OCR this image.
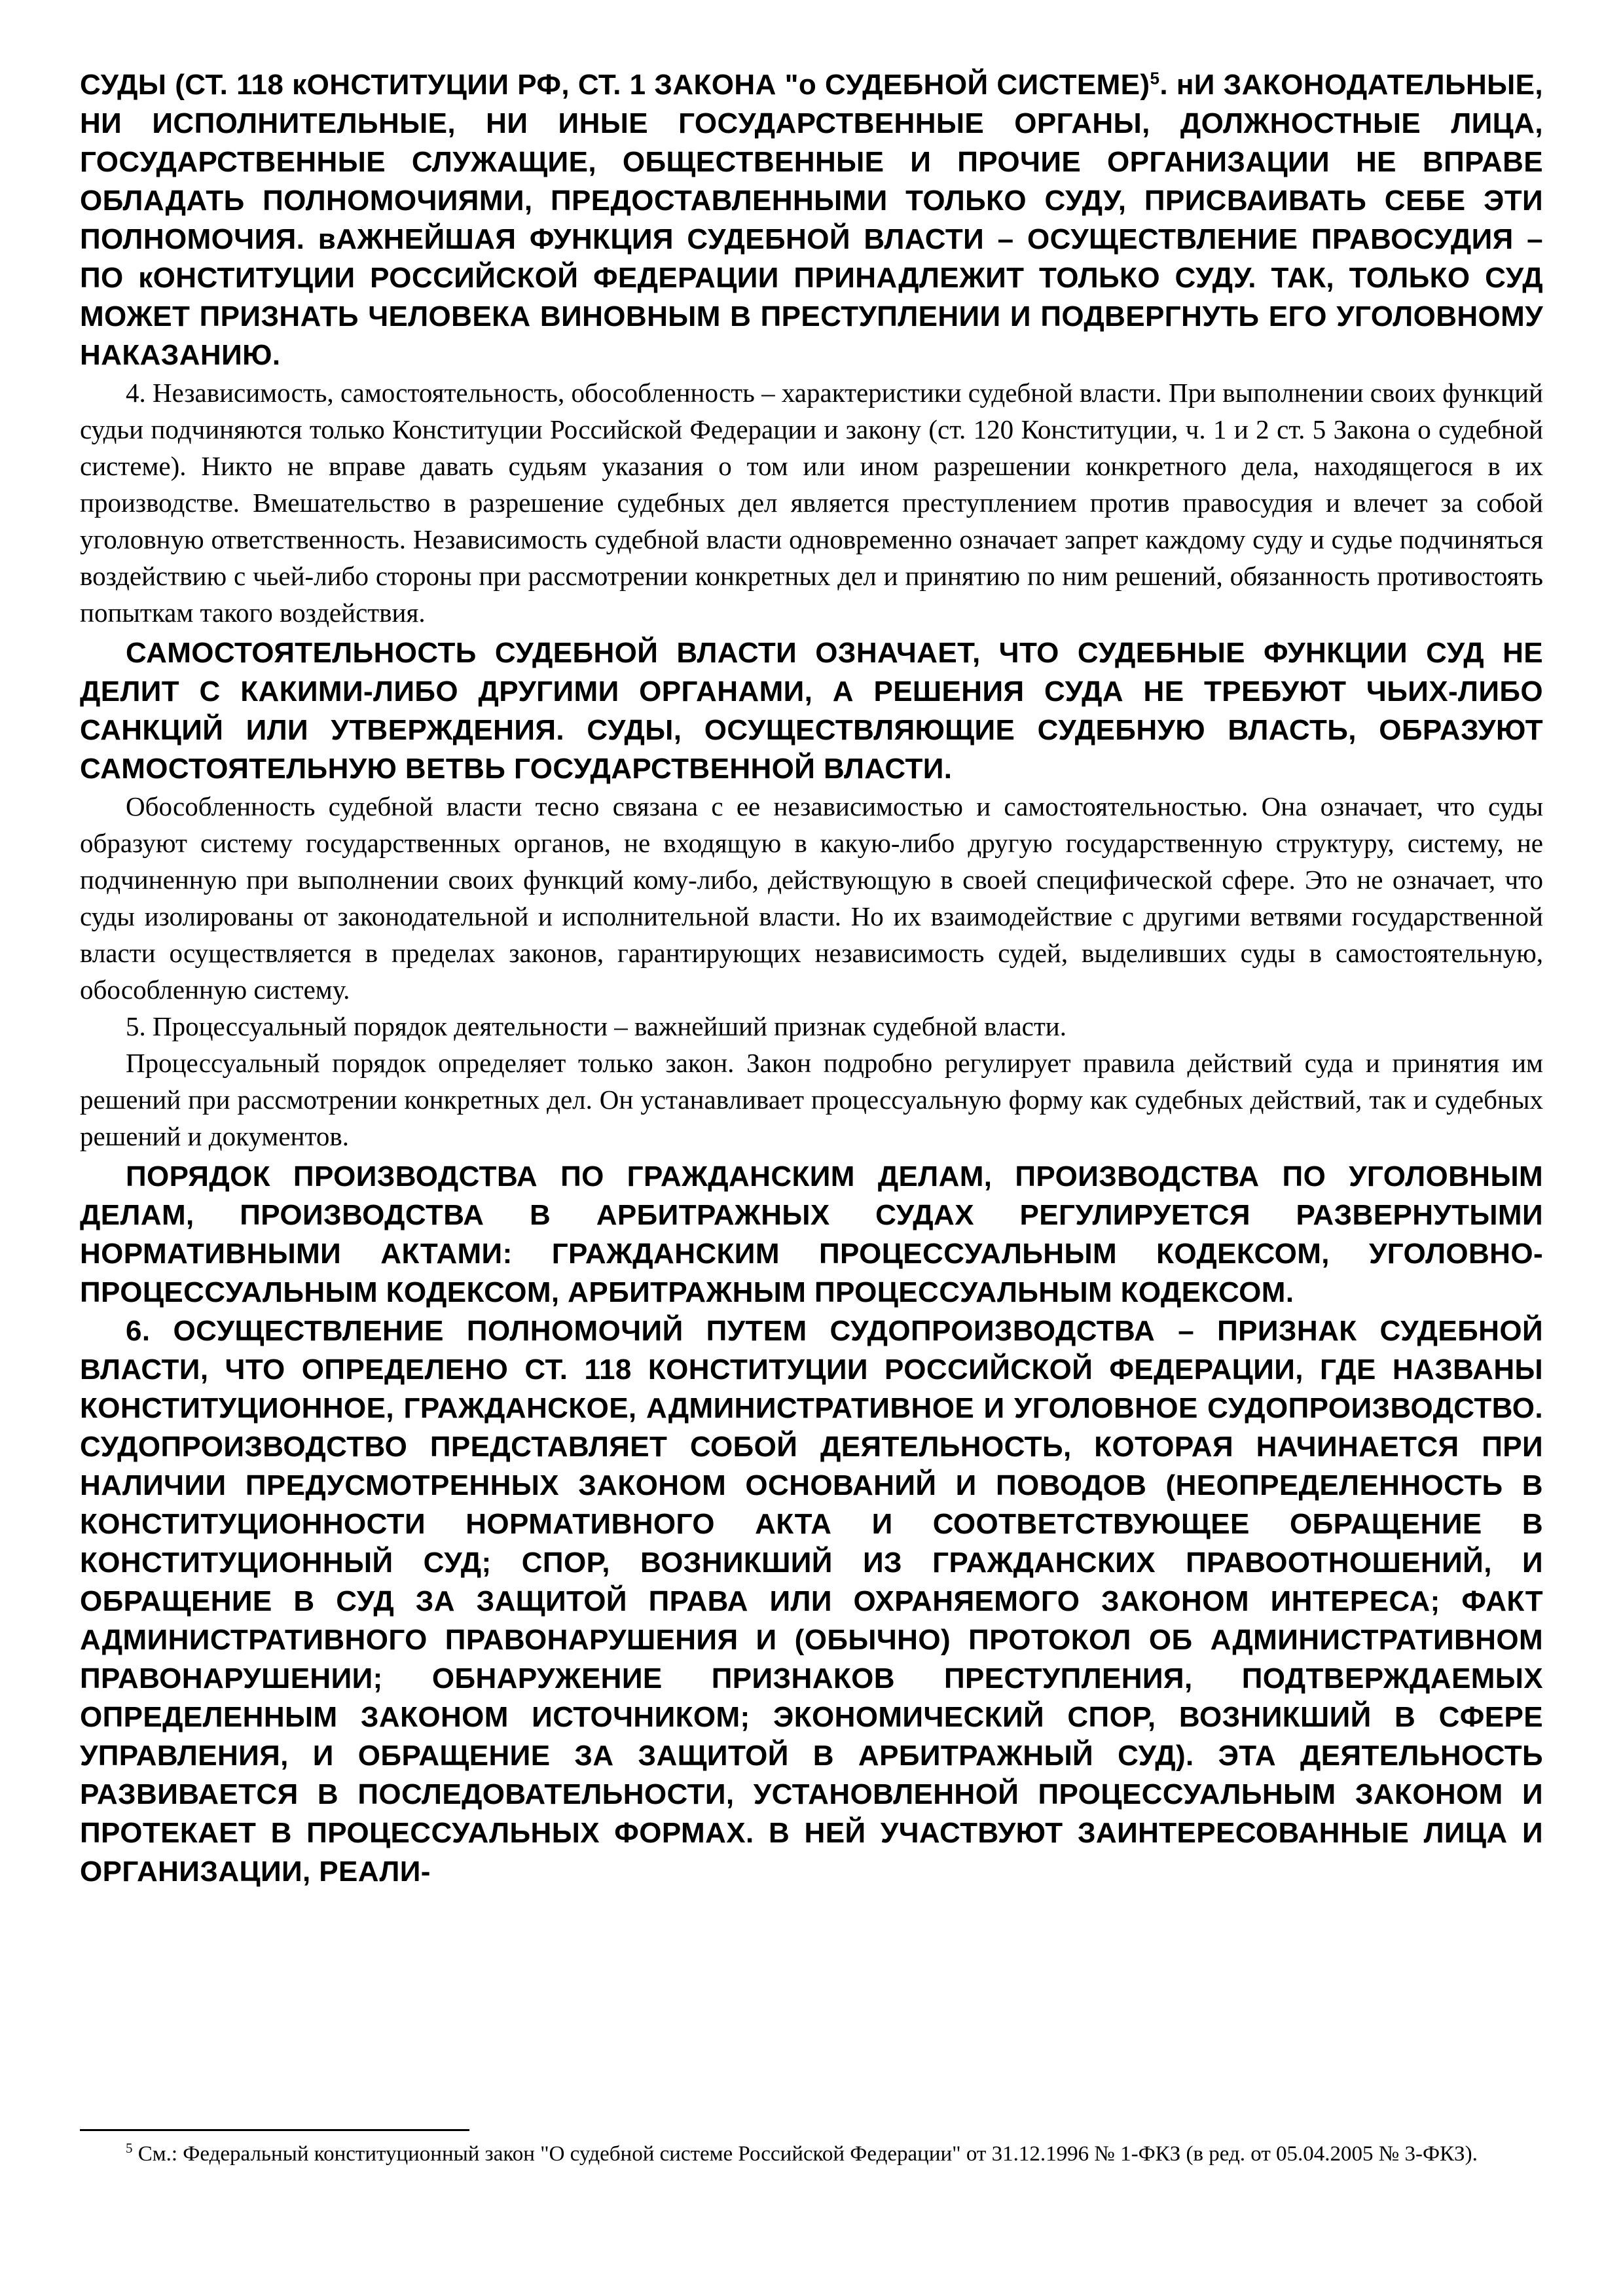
СУДЫ (СТ. 118 кОНСТИТУЦИИ РФ, СТ. 1 ЗАКОНА "о СУДЕБНОЙ СИСТЕМЕ)$^5$. нИ ЗАКОНОДАТЕЛЬНЫЕ, НИ ИСПОЛНИТЕЛЬНЫЕ, НИ ИНЫЕ ГОСУДАРСТВЕННЫЕ ОРГАНЫ, ДОЛЖНОСТНЫЕ ЛИЦА, ГОСУДАРСТВЕННЫЕ СЛУЖАЩИЕ, ОБЩЕСТВЕННЫЕ И ПРОЧИЕ ОРГАНИЗАЦИИ НЕ ВПРАВЕ ОБЛАДАТЬ ПОЛНОМОЧИЯМИ, ПРЕДОСТАВЛЕННЫМИ ТОЛЬКО СУДУ, ПРИСВАИВАТЬ СЕБЕ ЭТИ ПОЛНОМОЧИЯ. вАЖНЕЙШАЯ ФУНКЦИЯ СУДЕБНОЙ ВЛАСТИ – ОСУЩЕСТВЛЕНИЕ ПРАВОСУДИЯ – ПО кОНСТИТУЦИИ РОССИЙСКОЙ ФЕДЕРАЦИИ ПРИНАДЛЕЖИТ ТОЛЬКО СУДУ. ТАК, ТОЛЬКО СУД МОЖЕТ ПРИЗНАТЬ ЧЕЛОВЕКА ВИНОВНЫМ В ПРЕСТУПЛЕНИИ И ПОДВЕРГНУТЬ ЕГО УГОЛОВНОМУ НАКАЗАНИЮ.

4. Независимость, самостоятельность, обособленность – характеристики судебной власти. При выполнении своих функций судьи подчиняются только Конституции Российской Федерации и закону (ст. 120 Конституции, ч. 1 и 2 ст. 5 Закона о судебной системе). Никто не вправе давать судьям указания о том или ином разрешении конкретного дела, находящегося в их производстве. Вмешательство в разрешение судебных дел является преступлением против правосудия и влечет за собой уголовную ответственность. Независимость судебной власти одновременно означает запрет каждому суду и судье подчиняться воздействию с чьей-либо стороны при рассмотрении конкретных дел и принятию по ним решений, обязанность противостоять попыткам такого воздействия.

САМОСТОЯТЕЛЬНОСТЬ СУДЕБНОЙ ВЛАСТИ ОЗНАЧАЕТ, ЧТО СУДЕБНЫЕ ФУНКЦИИ СУД НЕ ДЕЛИТ С КАКИМИ-ЛИБО ДРУГИМИ ОРГАНАМИ, А РЕШЕНИЯ СУДА НЕ ТРЕБУЮТ ЧЬИХ-ЛИБО САНКЦИЙ ИЛИ УТВЕРЖДЕНИЯ. СУДЫ, ОСУЩЕСТВЛЯЮЩИЕ СУДЕБНУЮ ВЛАСТЬ, ОБРАЗУЮТ САМОСТОЯТЕЛЬНУЮ ВЕТВЬ ГОСУДАРСТВЕННОЙ ВЛАСТИ.

Обособленность судебной власти тесно связана с ее независимостью и самостоятельностью. Она означает, что суды образуют систему государственных органов, не входящую в какую-либо другую государственную структуру, систему, не подчиненную при выполнении своих функций кому-либо, действующую в своей специфической сфере. Это не означает, что суды изолированы от законодательной и исполнительной власти. Но их взаимодействие с другими ветвями государственной власти осуществляется в пределах законов, гарантирующих независимость судей, выделивших суды в самостоятельную, обособленную систему.

5. Процессуальный порядок деятельности – важнейший признак судебной власти.

Процессуальный порядок определяет только закон. Закон подробно регулирует правила действий суда и принятия им решений при рассмотрении конкретных дел. Он устанавливает процессуальную форму как судебных действий, так и судебных решений и документов.

ПОРЯДОК ПРОИЗВОДСТВА ПО ГРАЖДАНСКИМ ДЕЛАМ, ПРОИЗВОДСТВА ПО УГОЛОВНЫМ ДЕЛАМ, ПРОИЗВОДСТВА В АРБИТРАЖНЫХ СУДАХ РЕГУЛИРУЕТСЯ РАЗВЕРНУТЫМИ НОРМАТИВНЫМИ АКТАМИ: ГРАЖДАНСКИМ ПРОЦЕССУАЛЬНЫМ КОДЕКСОМ, УГОЛОВНО-ПРОЦЕССУАЛЬНЫМ КОДЕКСОМ, АРБИТРАЖНЫМ ПРОЦЕССУАЛЬНЫМ КОДЕКСОМ.

6. ОСУЩЕСТВЛЕНИЕ ПОЛНОМОЧИЙ ПУТЕМ СУДОПРОИЗВОДСТВА – ПРИЗНАК СУДЕБНОЙ ВЛАСТИ, ЧТО ОПРЕДЕЛЕНО СТ. 118 КОНСТИТУЦИИ РОССИЙСКОЙ ФЕДЕРАЦИИ, ГДЕ НАЗВАНЫ КОНСТИТУЦИОННОЕ, ГРАЖДАНСКОЕ, АДМИНИСТРАТИВНОЕ И УГОЛОВНОЕ СУДОПРОИЗВОДСТВО. СУДОПРОИЗВОДСТВО ПРЕДСТАВЛЯЕТ СОБОЙ ДЕЯТЕЛЬНОСТЬ, КОТОРАЯ НАЧИНАЕТСЯ ПРИ НАЛИЧИИ ПРЕДУСМОТРЕННЫХ ЗАКОНОМ ОСНОВАНИЙ И ПОВОДОВ (НЕОПРЕДЕЛЕННОСТЬ В КОНСТИТУЦИОННОСТИ НОРМАТИВНОГО АКТА И СООТВЕТСТВУЮЩЕЕ ОБРАЩЕНИЕ В КОНСТИТУЦИОННЫЙ СУД; СПОР, ВОЗНИКШИЙ ИЗ ГРАЖДАНСКИХ ПРАВООТНОШЕНИЙ, И ОБРАЩЕНИЕ В СУД ЗА ЗАЩИТОЙ ПРАВА ИЛИ ОХРАНЯЕМОГО ЗАКОНОМ ИНТЕРЕСА; ФАКТ АДМИНИСТРАТИВНОГО ПРАВОНАРУШЕНИЯ И (ОБЫЧНО) ПРОТОКОЛ ОБ АДМИНИСТРАТИВНОМ ПРАВОНАРУШЕНИИ; ОБНАРУЖЕНИЕ ПРИЗНАКОВ ПРЕСТУПЛЕНИЯ, ПОДТВЕРЖДАЕМЫХ ОПРЕДЕЛЕННЫМ ЗАКОНОМ ИСТОЧНИКОМ; ЭКОНОМИЧЕСКИЙ СПОР, ВОЗНИКШИЙ В СФЕРЕ УПРАВЛЕНИЯ, И ОБРАЩЕНИЕ ЗА ЗАЩИТОЙ В АРБИТРАЖНЫЙ СУД). ЭТА ДЕЯТЕЛЬНОСТЬ РАЗВИВАЕТСЯ В ПОСЛЕДОВАТЕЛЬНОСТИ, УСТАНОВЛЕННОЙ ПРОЦЕССУАЛЬНЫМ ЗАКОНОМ И ПРОТЕКАЕТ В ПРОЦЕССУАЛЬНЫХ ФОРМАХ. В НЕЙ УЧАСТВУЮТ ЗАИНТЕРЕСОВАННЫЕ ЛИЦА И ОРГАНИЗАЦИИ, РЕАЛИ-

$^5$ См.: Федеральный конституционный закон "О судебной системе Российской Федерации" от 31.12.1996 № 1-ФКЗ (в ред. от 05.04.2005 № 3-ФКЗ).
